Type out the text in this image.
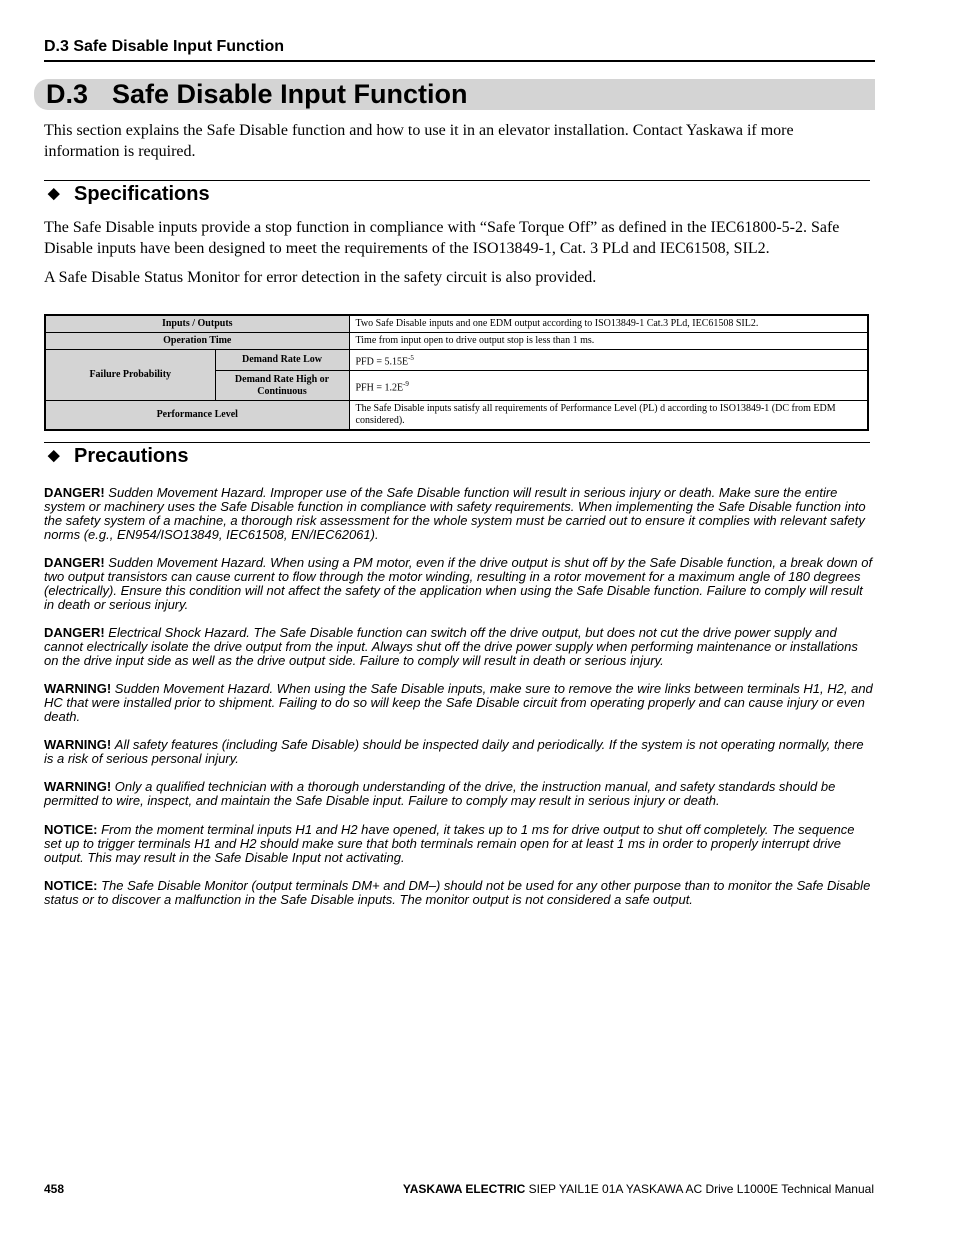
D.3 Safe Disable Input Function
D.3 Safe Disable Input Function

This section explains the Safe Disable function and how to use it in an elevator installation. Contact Yaskawa if more information is required.

◆ Specifications

The Safe Disable inputs provide a stop function in compliance with “Safe Torque Off” as defined in the IEC61800-5-2. Safe Disable inputs have been designed to meet the requirements of the ISO13849-1, Cat. 3 PLd and IEC61508, SIL2.

A Safe Disable Status Monitor for error detection in the safety circuit is also provided.

Inputs / Outputs		Two Safe Disable inputs and one EDM output according to ISO13849-1 Cat.3 PLd, IEC61508 SIL2.
Operation Time		Time from input open to drive output stop is less than 1 ms.
Failure Probability	Demand Rate Low	PFD = $5.15E^{-5}$
	Demand Rate High or Continuous	PFH = $1.2E^{-9}$
Performance Level		The Safe Disable inputs satisfy all requirements of Performance Level (PL) d according to ISO13849-1 (DC from EDM considered).
◆ Precautions

DANGER! Sudden Movement Hazard. Improper use of the Safe Disable function will result in serious injury or death. Make sure the entire system or machinery uses the Safe Disable function in compliance with safety requirements. When implementing the Safe Disable function into the safety system of a machine, a thorough risk assessment for the whole system must be carried out to ensure it complies with relevant safety norms (e.g., EN954/ISO13849, IEC61508, EN/IEC62061).

DANGER! Sudden Movement Hazard. When using a PM motor, even if the drive output is shut off by the Safe Disable function, a break down of two output transistors can cause current to flow through the motor winding, resulting in a rotor movement for a maximum angle of 180 degrees (electrically). Ensure this condition will not affect the safety of the application when using the Safe Disable function. Failure to comply will result in death or serious injury.

DANGER! Electrical Shock Hazard. The Safe Disable function can switch off the drive output, but does not cut the drive power supply and cannot electrically isolate the drive output from the input. Always shut off the drive power supply when performing maintenance or installations on the drive input side as well as the drive output side. Failure to comply will result in death or serious injury.

WARNING! Sudden Movement Hazard. When using the Safe Disable inputs, make sure to remove the wire links between terminals H1, H2, and HC that were installed prior to shipment. Failing to do so will keep the Safe Disable circuit from operating properly and can cause injury or even death.

WARNING! All safety features (including Safe Disable) should be inspected daily and periodically. If the system is not operating normally, there is a risk of serious personal injury.

WARNING! Only a qualified technician with a thorough understanding of the drive, the instruction manual, and safety standards should be permitted to wire, inspect, and maintain the Safe Disable input. Failure to comply may result in serious injury or death.

NOTICE: From the moment terminal inputs H1 and H2 have opened, it takes up to 1 ms for drive output to shut off completely. The sequence set up to trigger terminals H1 and H2 should make sure that both terminals remain open for at least 1 ms in order to properly interrupt drive output. This may result in the Safe Disable Input not activating.

NOTICE: The Safe Disable Monitor (output terminals DM+ and DM–) should not be used for any other purpose than to monitor the Safe Disable status or to discover a malfunction in the Safe Disable inputs. The monitor output is not considered a safe output.

458	YASKAWA ELECTRIC SIEP YAIL1E 01A YASKAWA AC Drive L1000E Technical Manual
